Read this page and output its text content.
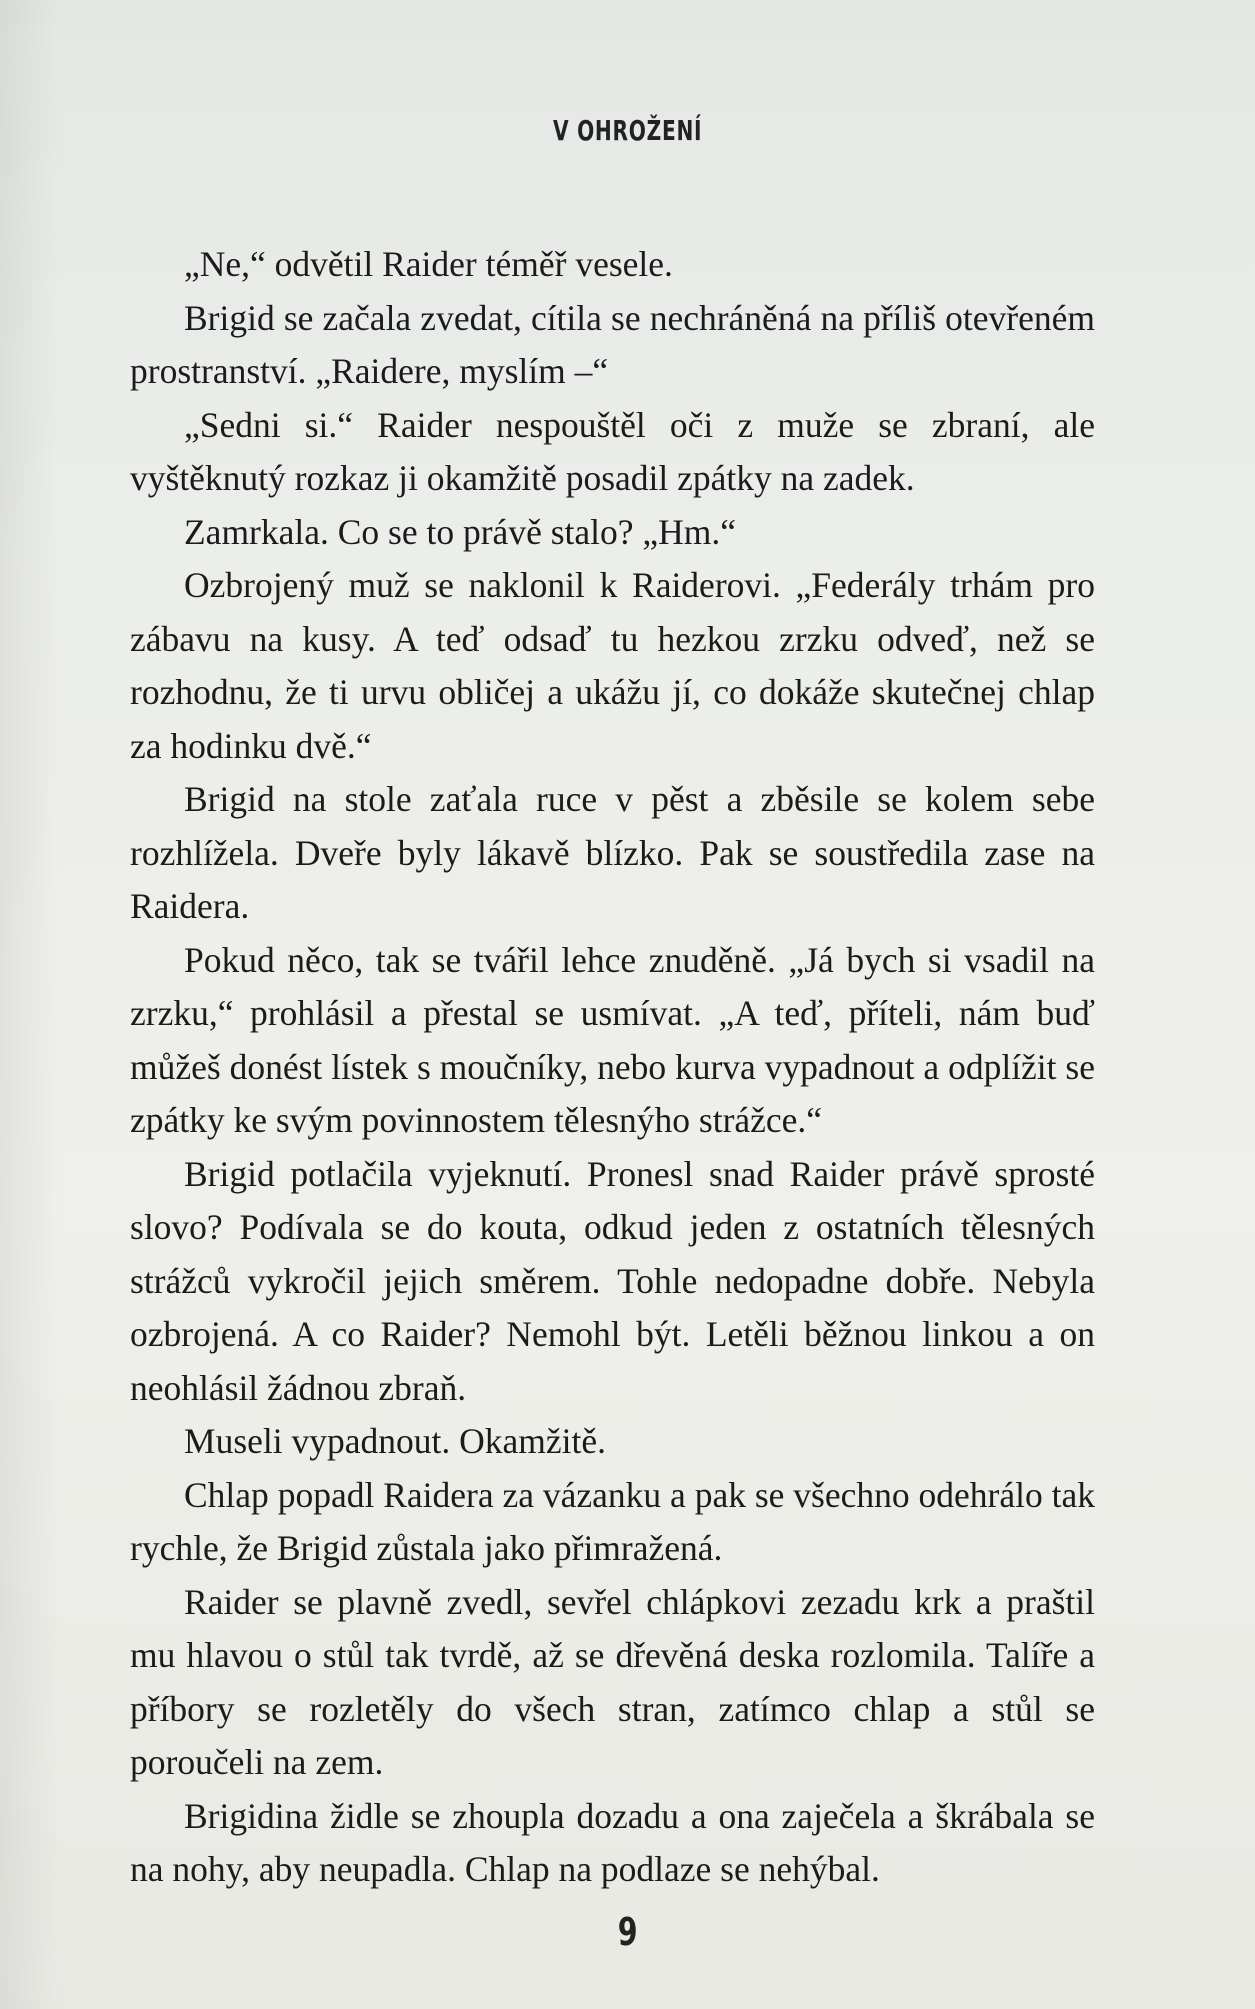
V OHROŽENÍ

„Ne,“ odvětil Raider téměř vesele.

Brigid se začala zvedat, cítila se nechráněná na příliš otevřeném prostranství. „Raidere, myslím –“

„Sedni si.“ Raider nespouštěl oči z muže se zbraní, ale vyštěknutý rozkaz ji okamžitě posadil zpátky na zadek.

Zamrkala. Co se to právě stalo? „Hm.“

Ozbrojený muž se naklonil k Raiderovi. „Federály trhám pro zábavu na kusy. A teď odsaď tu hezkou zrzku odveď, než se rozhodnu, že ti urvu obličej a ukážu jí, co dokáže skutečnej chlap za hodinku dvě.“

Brigid na stole zaťala ruce v pěst a zběsile se kolem sebe rozhlížela. Dveře byly lákavě blízko. Pak se soustředila zase na Raidera.

Pokud něco, tak se tvářil lehce znuděně. „Já bych si vsadil na zrzku,“ prohlásil a přestal se usmívat. „A teď, příteli, nám buď můžeš donést lístek s moučníky, nebo kurva vypadnout a odplížit se zpátky ke svým povinnostem tělesnýho strážce.“

Brigid potlačila vyjeknutí. Pronesl snad Raider právě sprosté slovo? Podívala se do kouta, odkud jeden z ostatních tělesných strážců vykročil jejich směrem. Tohle nedopadne dobře. Nebyla ozbrojená. A co Raider? Nemohl být. Letěli běžnou linkou a on neohlásil žádnou zbraň.

Museli vypadnout. Okamžitě.

Chlap popadl Raidera za vázanku a pak se všechno odehrálo tak rychle, že Brigid zůstala jako přimražená.

Raider se plavně zvedl, sevřel chlápkovi zezadu krk a praštil mu hlavou o stůl tak tvrdě, až se dřevěná deska rozlomila. Talíře a příbory se rozletěly do všech stran, zatímco chlap a stůl se poroučeli na zem.

Brigidina židle se zhoupla dozadu a ona zaječela a škrábala se na nohy, aby neupadla. Chlap na podlaze se nehýbal.

9
